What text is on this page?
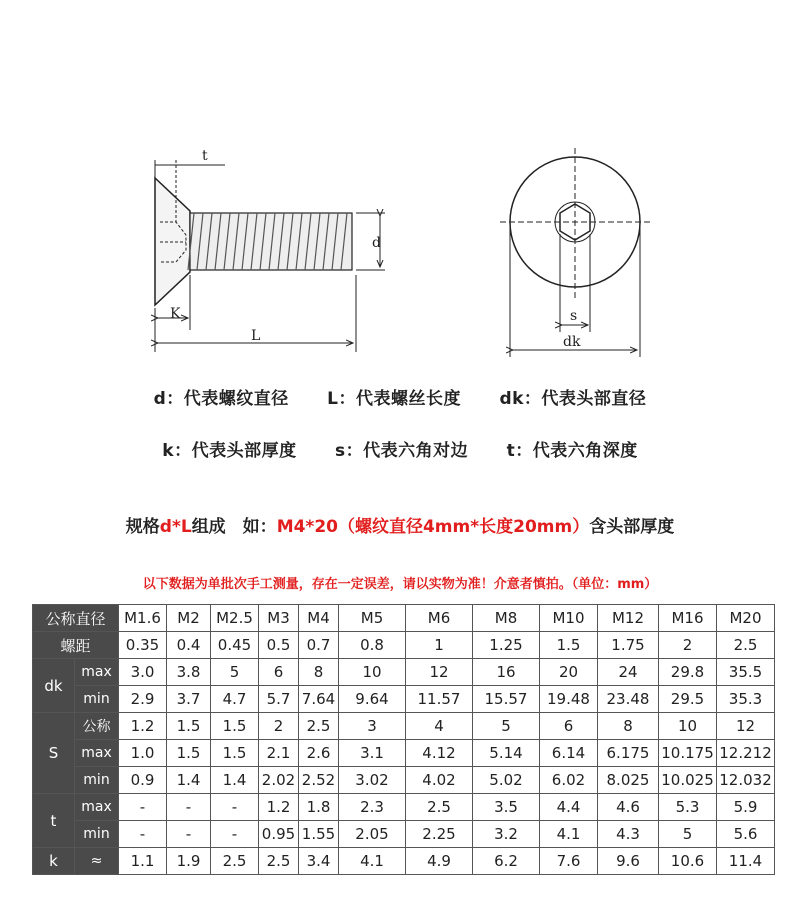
t
d
K
L
s
dk
d：代表螺纹直径 L：代表螺丝长度 dk：代表头部直径
k：代表头部厚度 s：代表六角对边 t：代表六角深度
规格d*L组成　如：M4*20（螺纹直径4mm*长度20mm）含头部厚度
以下数据为单批次手工测量，存在一定误差，请以实物为准！介意者慎拍。（单位：mm）
公称直径		M1.6	M2	M2.5	M3	M4	M5	M6	M8	M10	M12	M16	M20
螺距		0.35	0.4	0.45	0.5	0.7	0.8	1	1.25	1.5	1.75	2	2.5
dk	max	3.0	3.8	5	6	8	10	12	16	20	24	29.8	35.5
	min	2.9	3.7	4.7	5.7	7.64	9.64	11.57	15.57	19.48	23.48	29.5	35.3
S	公称	1.2	1.5	1.5	2	2.5	3	4	5	6	8	10	12
	max	1.0	1.5	1.5	2.1	2.6	3.1	4.12	5.14	6.14	6.175	10.175	12.212
	min	0.9	1.4	1.4	2.02	2.52	3.02	4.02	5.02	6.02	8.025	10.025	12.032
t	max	-	-	-	1.2	1.8	2.3	2.5	3.5	4.4	4.6	5.3	5.9
	min	-	-	-	0.95	1.55	2.05	2.25	3.2	4.1	4.3	5	5.6
k	≈	1.1	1.9	2.5	2.5	3.4	4.1	4.9	6.2	7.6	9.6	10.6	11.4
